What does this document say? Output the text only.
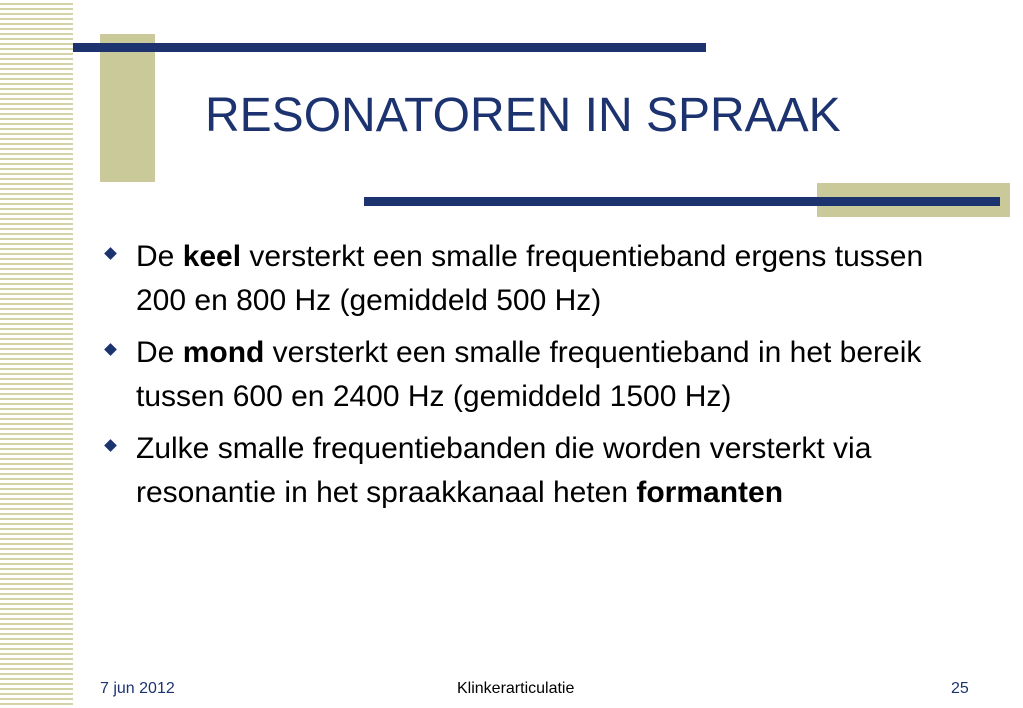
RESONATOREN IN SPRAAK
De keel versterkt een smalle frequentieband ergens tussen  200 en 800 Hz (gemiddeld 500 Hz)
De mond versterkt een smalle frequentieband in het bereik tussen 600 en 2400 Hz (gemiddeld 1500 Hz)
Zulke smalle frequentiebanden die worden versterkt via resonantie in het spraakkanaal heten formanten
7 jun 2012	Klinkerarticulatie	25
